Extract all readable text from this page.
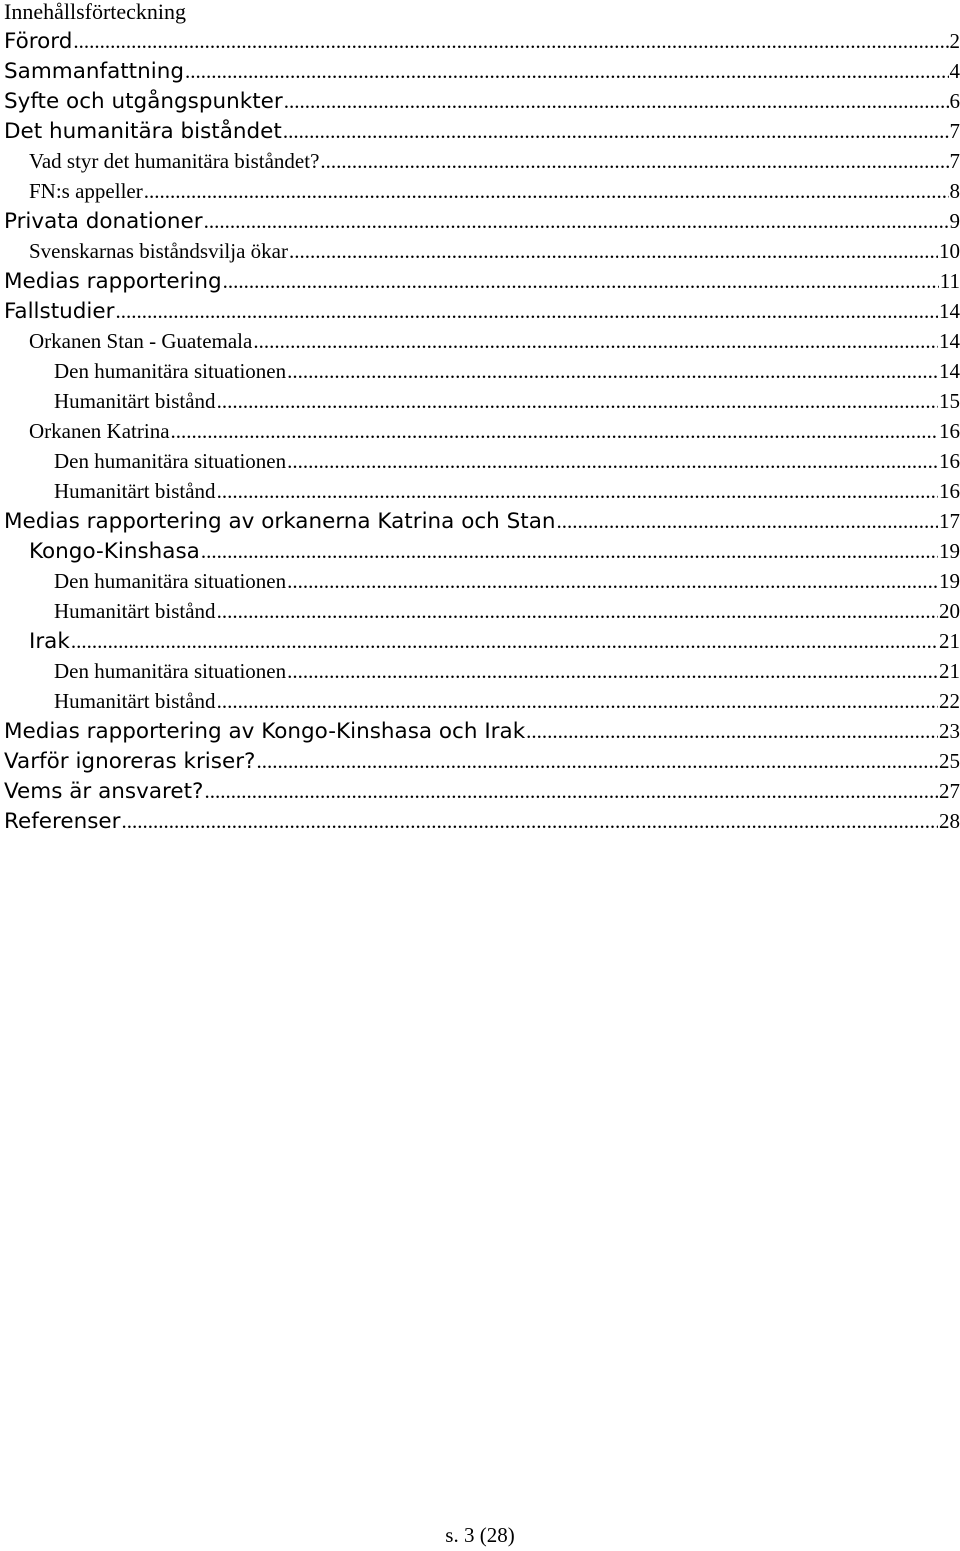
Innehållsförteckning
Förord .....	2
Sammanfattning .....	4
Syfte och utgångspunkter .....	6
Det humanitära biståndet .....	7
Vad styr det humanitära biståndet? .....	7
FN:s appeller .....	8
Privata donationer .....	9
Svenskarnas biståndsvilja ökar .....	10
Medias rapportering .....	11
Fallstudier .....	14
Orkanen Stan - Guatemala .....	14
Den humanitära situationen .....	14
Humanitärt bistånd .....	15
Orkanen Katrina .....	16
Den humanitära situationen .....	16
Humanitärt bistånd .....	16
Medias rapportering av orkanerna Katrina och Stan .....	17
Kongo-Kinshasa .....	19
Den humanitära situationen .....	19
Humanitärt bistånd .....	20
Irak .....	21
Den humanitära situationen .....	21
Humanitärt bistånd .....	22
Medias rapportering av Kongo-Kinshasa och Irak .....	23
Varför ignoreras kriser? .....	25
Vems är ansvaret? .....	27
Referenser .....	28

s. 3 (28)
